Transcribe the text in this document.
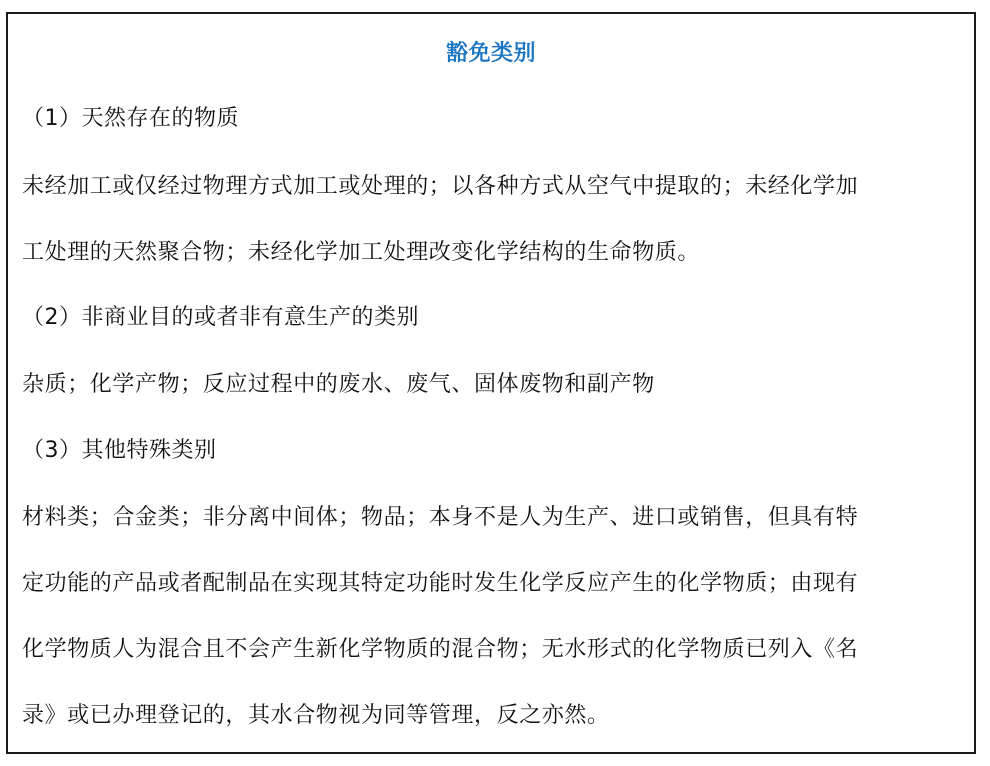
豁免类别
（1）天然存在的物质
未经加工或仅经过物理方式加工或处理的；以各种方式从空气中提取的；未经化学加
工处理的天然聚合物；未经化学加工处理改变化学结构的生命物质。
（2）非商业目的或者非有意生产的类别
杂质；化学产物；反应过程中的废水、废气、固体废物和副产物
（3）其他特殊类别
材料类；合金类；非分离中间体；物品；本身不是人为生产、进口或销售，但具有特
定功能的产品或者配制品在实现其特定功能时发生化学反应产生的化学物质；由现有
化学物质人为混合且不会产生新化学物质的混合物；无水形式的化学物质已列入《名
录》或已办理登记的，其水合物视为同等管理，反之亦然。
